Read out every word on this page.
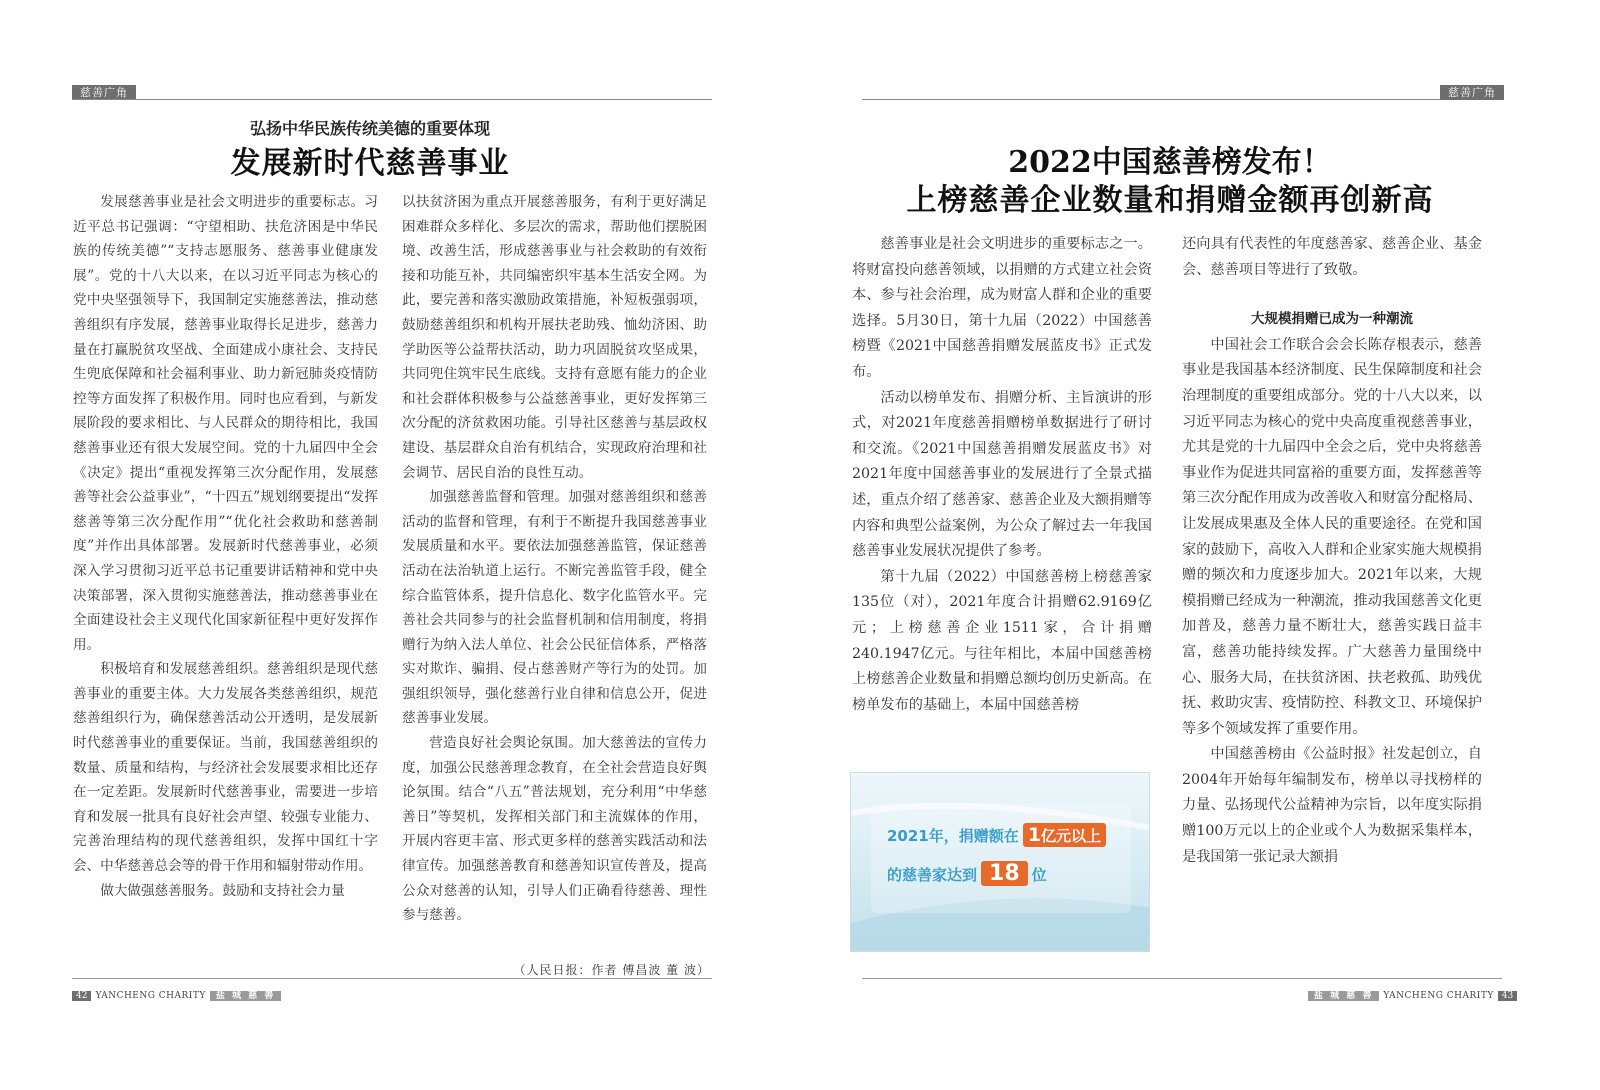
慈善广角
弘扬中华民族传统美德的重要体现
发展新时代慈善事业

发展慈善事业是社会文明进步的重要标志。习近平总书记强调：“守望相助、扶危济困是中华民族的传统美德”“支持志愿服务、慈善事业健康发展”。党的十八大以来，在以习近平同志为核心的党中央坚强领导下，我国制定实施慈善法，推动慈善组织有序发展，慈善事业取得长足进步，慈善力量在打赢脱贫攻坚战、全面建成小康社会、支持民生兜底保障和社会福利事业、助力新冠肺炎疫情防控等方面发挥了积极作用。同时也应看到，与新发展阶段的要求相比、与人民群众的期待相比，我国慈善事业还有很大发展空间。党的十九届四中全会《决定》提出“重视发挥第三次分配作用，发展慈善等社会公益事业”，“十四五”规划纲要提出“发挥慈善等第三次分配作用”“优化社会救助和慈善制度”并作出具体部署。发展新时代慈善事业，必须深入学习贯彻习近平总书记重要讲话精神和党中央决策部署，深入贯彻实施慈善法，推动慈善事业在全面建设社会主义现代化国家新征程中更好发挥作用。

积极培育和发展慈善组织。慈善组织是现代慈善事业的重要主体。大力发展各类慈善组织，规范慈善组织行为，确保慈善活动公开透明，是发展新时代慈善事业的重要保证。当前，我国慈善组织的数量、质量和结构，与经济社会发展要求相比还存在一定差距。发展新时代慈善事业，需要进一步培育和发展一批具有良好社会声望、较强专业能力、完善治理结构的现代慈善组织，发挥中国红十字会、中华慈善总会等的骨干作用和辐射带动作用。

做大做强慈善服务。鼓励和支持社会力量

以扶贫济困为重点开展慈善服务，有利于更好满足困难群众多样化、多层次的需求，帮助他们摆脱困境、改善生活，形成慈善事业与社会救助的有效衔接和功能互补，共同编密织牢基本生活安全网。为此，要完善和落实激励政策措施，补短板强弱项，鼓励慈善组织和机构开展扶老助残、恤幼济困、助学助医等公益帮扶活动，助力巩固脱贫攻坚成果，共同兜住筑牢民生底线。支持有意愿有能力的企业和社会群体积极参与公益慈善事业，更好发挥第三次分配的济贫救困功能。引导社区慈善与基层政权建设、基层群众自治有机结合，实现政府治理和社会调节、居民自治的良性互动。

加强慈善监督和管理。加强对慈善组织和慈善活动的监督和管理，有利于不断提升我国慈善事业发展质量和水平。要依法加强慈善监管，保证慈善活动在法治轨道上运行。不断完善监管手段，健全综合监管体系，提升信息化、数字化监管水平。完善社会共同参与的社会监督机制和信用制度，将捐赠行为纳入法人单位、社会公民征信体系，严格落实对欺诈、骗捐、侵占慈善财产等行为的处罚。加强组织领导，强化慈善行业自律和信息公开，促进慈善事业发展。

营造良好社会舆论氛围。加大慈善法的宣传力度，加强公民慈善理念教育，在全社会营造良好舆论氛围。结合“八五”普法规划，充分利用“中华慈善日”等契机，发挥相关部门和主流媒体的作用，开展内容更丰富、形式更多样的慈善实践活动和法律宣传。加强慈善教育和慈善知识宣传普及，提高公众对慈善的认知，引导人们正确看待慈善、理性参与慈善。

（人民日报：作者 傅昌波 董 波）
42 YANCHENG CHARITY 盐 城 慈 善
慈善广角
2022中国慈善榜发布！
上榜慈善企业数量和捐赠金额再创新高

慈善事业是社会文明进步的重要标志之一。将财富投向慈善领域，以捐赠的方式建立社会资本、参与社会治理，成为财富人群和企业的重要选择。5月30日，第十九届（2022）中国慈善榜暨《2021中国慈善捐赠发展蓝皮书》正式发布。

活动以榜单发布、捐赠分析、主旨演讲的形式，对2021年度慈善捐赠榜单数据进行了研讨和交流。《2021中国慈善捐赠发展蓝皮书》对2021年度中国慈善事业的发展进行了全景式描述，重点介绍了慈善家、慈善企业及大额捐赠等内容和典型公益案例，为公众了解过去一年我国慈善事业发展状况提供了参考。

第十九届（2022）中国慈善榜上榜慈善家135位（对），2021年度合计捐赠62.9169亿元；上榜慈善企业1511家，合计捐赠240.1947亿元。与往年相比，本届中国慈善榜上榜慈善企业数量和捐赠总额均创历史新高。在榜单发布的基础上，本届中国慈善榜

2021年，捐赠额在 1亿元以上
的慈善家达到 18 位

还向具有代表性的年度慈善家、慈善企业、基金会、慈善项目等进行了致敬。

大规模捐赠已成为一种潮流

中国社会工作联合会会长陈存根表示，慈善事业是我国基本经济制度、民生保障制度和社会治理制度的重要组成部分。党的十八大以来，以习近平同志为核心的党中央高度重视慈善事业，尤其是党的十九届四中全会之后，党中央将慈善事业作为促进共同富裕的重要方面，发挥慈善等第三次分配作用成为改善收入和财富分配格局、让发展成果惠及全体人民的重要途径。在党和国家的鼓励下，高收入人群和企业家实施大规模捐赠的频次和力度逐步加大。2021年以来，大规模捐赠已经成为一种潮流，推动我国慈善文化更加普及，慈善力量不断壮大，慈善实践日益丰富，慈善功能持续发挥。广大慈善力量围绕中心、服务大局，在扶贫济困、扶老救孤、助残优抚、救助灾害、疫情防控、科教文卫、环境保护等多个领域发挥了重要作用。

中国慈善榜由《公益时报》社发起创立，自2004年开始每年编制发布，榜单以寻找榜样的力量、弘扬现代公益精神为宗旨，以年度实际捐赠100万元以上的企业或个人为数据采集样本，是我国第一张记录大额捐

盐 城 慈 善 YANCHENG CHARITY 43
